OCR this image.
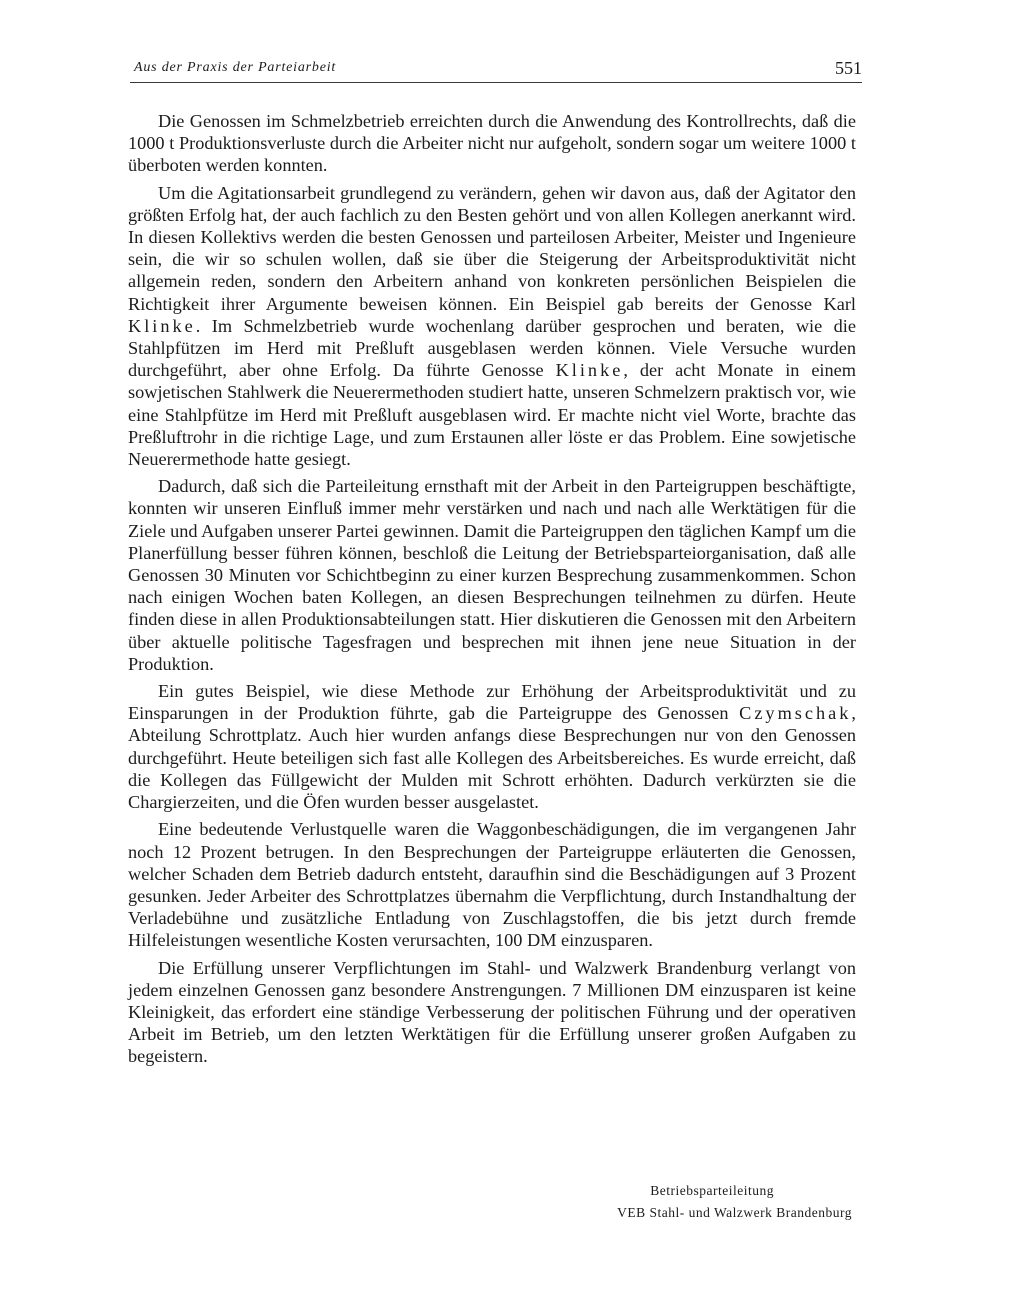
Aus der Praxis der Parteiarbeit	551

Die Genossen im Schmelzbetrieb erreichten durch die Anwendung des Kontrollrechts, daß die 1000 t Produktionsverluste durch die Arbeiter nicht nur aufgeholt, sondern sogar um weitere 1000 t überboten werden konnten.

Um die Agitationsarbeit grundlegend zu verändern, gehen wir davon aus, daß der Agitator den größten Erfolg hat, der auch fachlich zu den Besten gehört und von allen Kollegen anerkannt wird. In diesen Kollektivs werden die besten Genossen und parteilosen Arbeiter, Meister und Ingenieure sein, die wir so schulen wollen, daß sie über die Steigerung der Arbeitsproduktivität nicht allgemein reden, sondern den Arbeitern anhand von konkreten persönlichen Beispielen die Richtigkeit ihrer Argumente beweisen können. Ein Beispiel gab bereits der Genosse Karl Klinke. Im Schmelzbetrieb wurde wochenlang darüber gesprochen und beraten, wie die Stahlpfützen im Herd mit Preßluft ausgeblasen werden können. Viele Versuche wurden durchgeführt, aber ohne Erfolg. Da führte Genosse Klinke, der acht Monate in einem sowjetischen Stahlwerk die Neuerermethoden studiert hatte, unseren Schmelzern praktisch vor, wie eine Stahlpfütze im Herd mit Preßluft ausgeblasen wird. Er machte nicht viel Worte, brachte das Preßluftrohr in die richtige Lage, und zum Erstaunen aller löste er das Problem. Eine sowjetische Neuerermethode hatte gesiegt.

Dadurch, daß sich die Parteileitung ernsthaft mit der Arbeit in den Parteigruppen beschäftigte, konnten wir unseren Einfluß immer mehr verstärken und nach und nach alle Werktätigen für die Ziele und Aufgaben unserer Partei gewinnen. Damit die Parteigruppen den täglichen Kampf um die Planerfüllung besser führen können, beschloß die Leitung der Betriebsparteiorganisation, daß alle Genossen 30 Minuten vor Schichtbeginn zu einer kurzen Besprechung zusammenkommen. Schon nach einigen Wochen baten Kollegen, an diesen Besprechungen teilnehmen zu dürfen. Heute finden diese in allen Produktionsabteilungen statt. Hier diskutieren die Genossen mit den Arbeitern über aktuelle politische Tagesfragen und besprechen mit ihnen jene neue Situation in der Produktion.

Ein gutes Beispiel, wie diese Methode zur Erhöhung der Arbeitsproduktivität und zu Einsparungen in der Produktion führte, gab die Parteigruppe des Genossen Czymschak, Abteilung Schrottplatz. Auch hier wurden anfangs diese Besprechungen nur von den Genossen durchgeführt. Heute beteiligen sich fast alle Kollegen des Arbeitsbereiches. Es wurde erreicht, daß die Kollegen das Füllgewicht der Mulden mit Schrott erhöhten. Dadurch verkürzten sie die Chargierzeiten, und die Öfen wurden besser ausgelastet.

Eine bedeutende Verlustquelle waren die Waggonbeschädigungen, die im vergangenen Jahr noch 12 Prozent betrugen. In den Besprechungen der Parteigruppe erläuterten die Genossen, welcher Schaden dem Betrieb dadurch entsteht, daraufhin sind die Beschädigungen auf 3 Prozent gesunken. Jeder Arbeiter des Schrottplatzes übernahm die Verpflichtung, durch Instandhaltung der Verladebühne und zusätzliche Entladung von Zuschlagstoffen, die bis jetzt durch fremde Hilfeleistungen wesentliche Kosten verursachten, 100 DM einzusparen.

Die Erfüllung unserer Verpflichtungen im Stahl- und Walzwerk Brandenburg verlangt von jedem einzelnen Genossen ganz besondere Anstrengungen. 7 Millionen DM einzusparen ist keine Kleinigkeit, das erfordert eine ständige Verbesserung der politischen Führung und der operativen Arbeit im Betrieb, um den letzten Werktätigen für die Erfüllung unserer großen Aufgaben zu begeistern.

Betriebsparteileitung
VEB Stahl- und Walzwerk Brandenburg
